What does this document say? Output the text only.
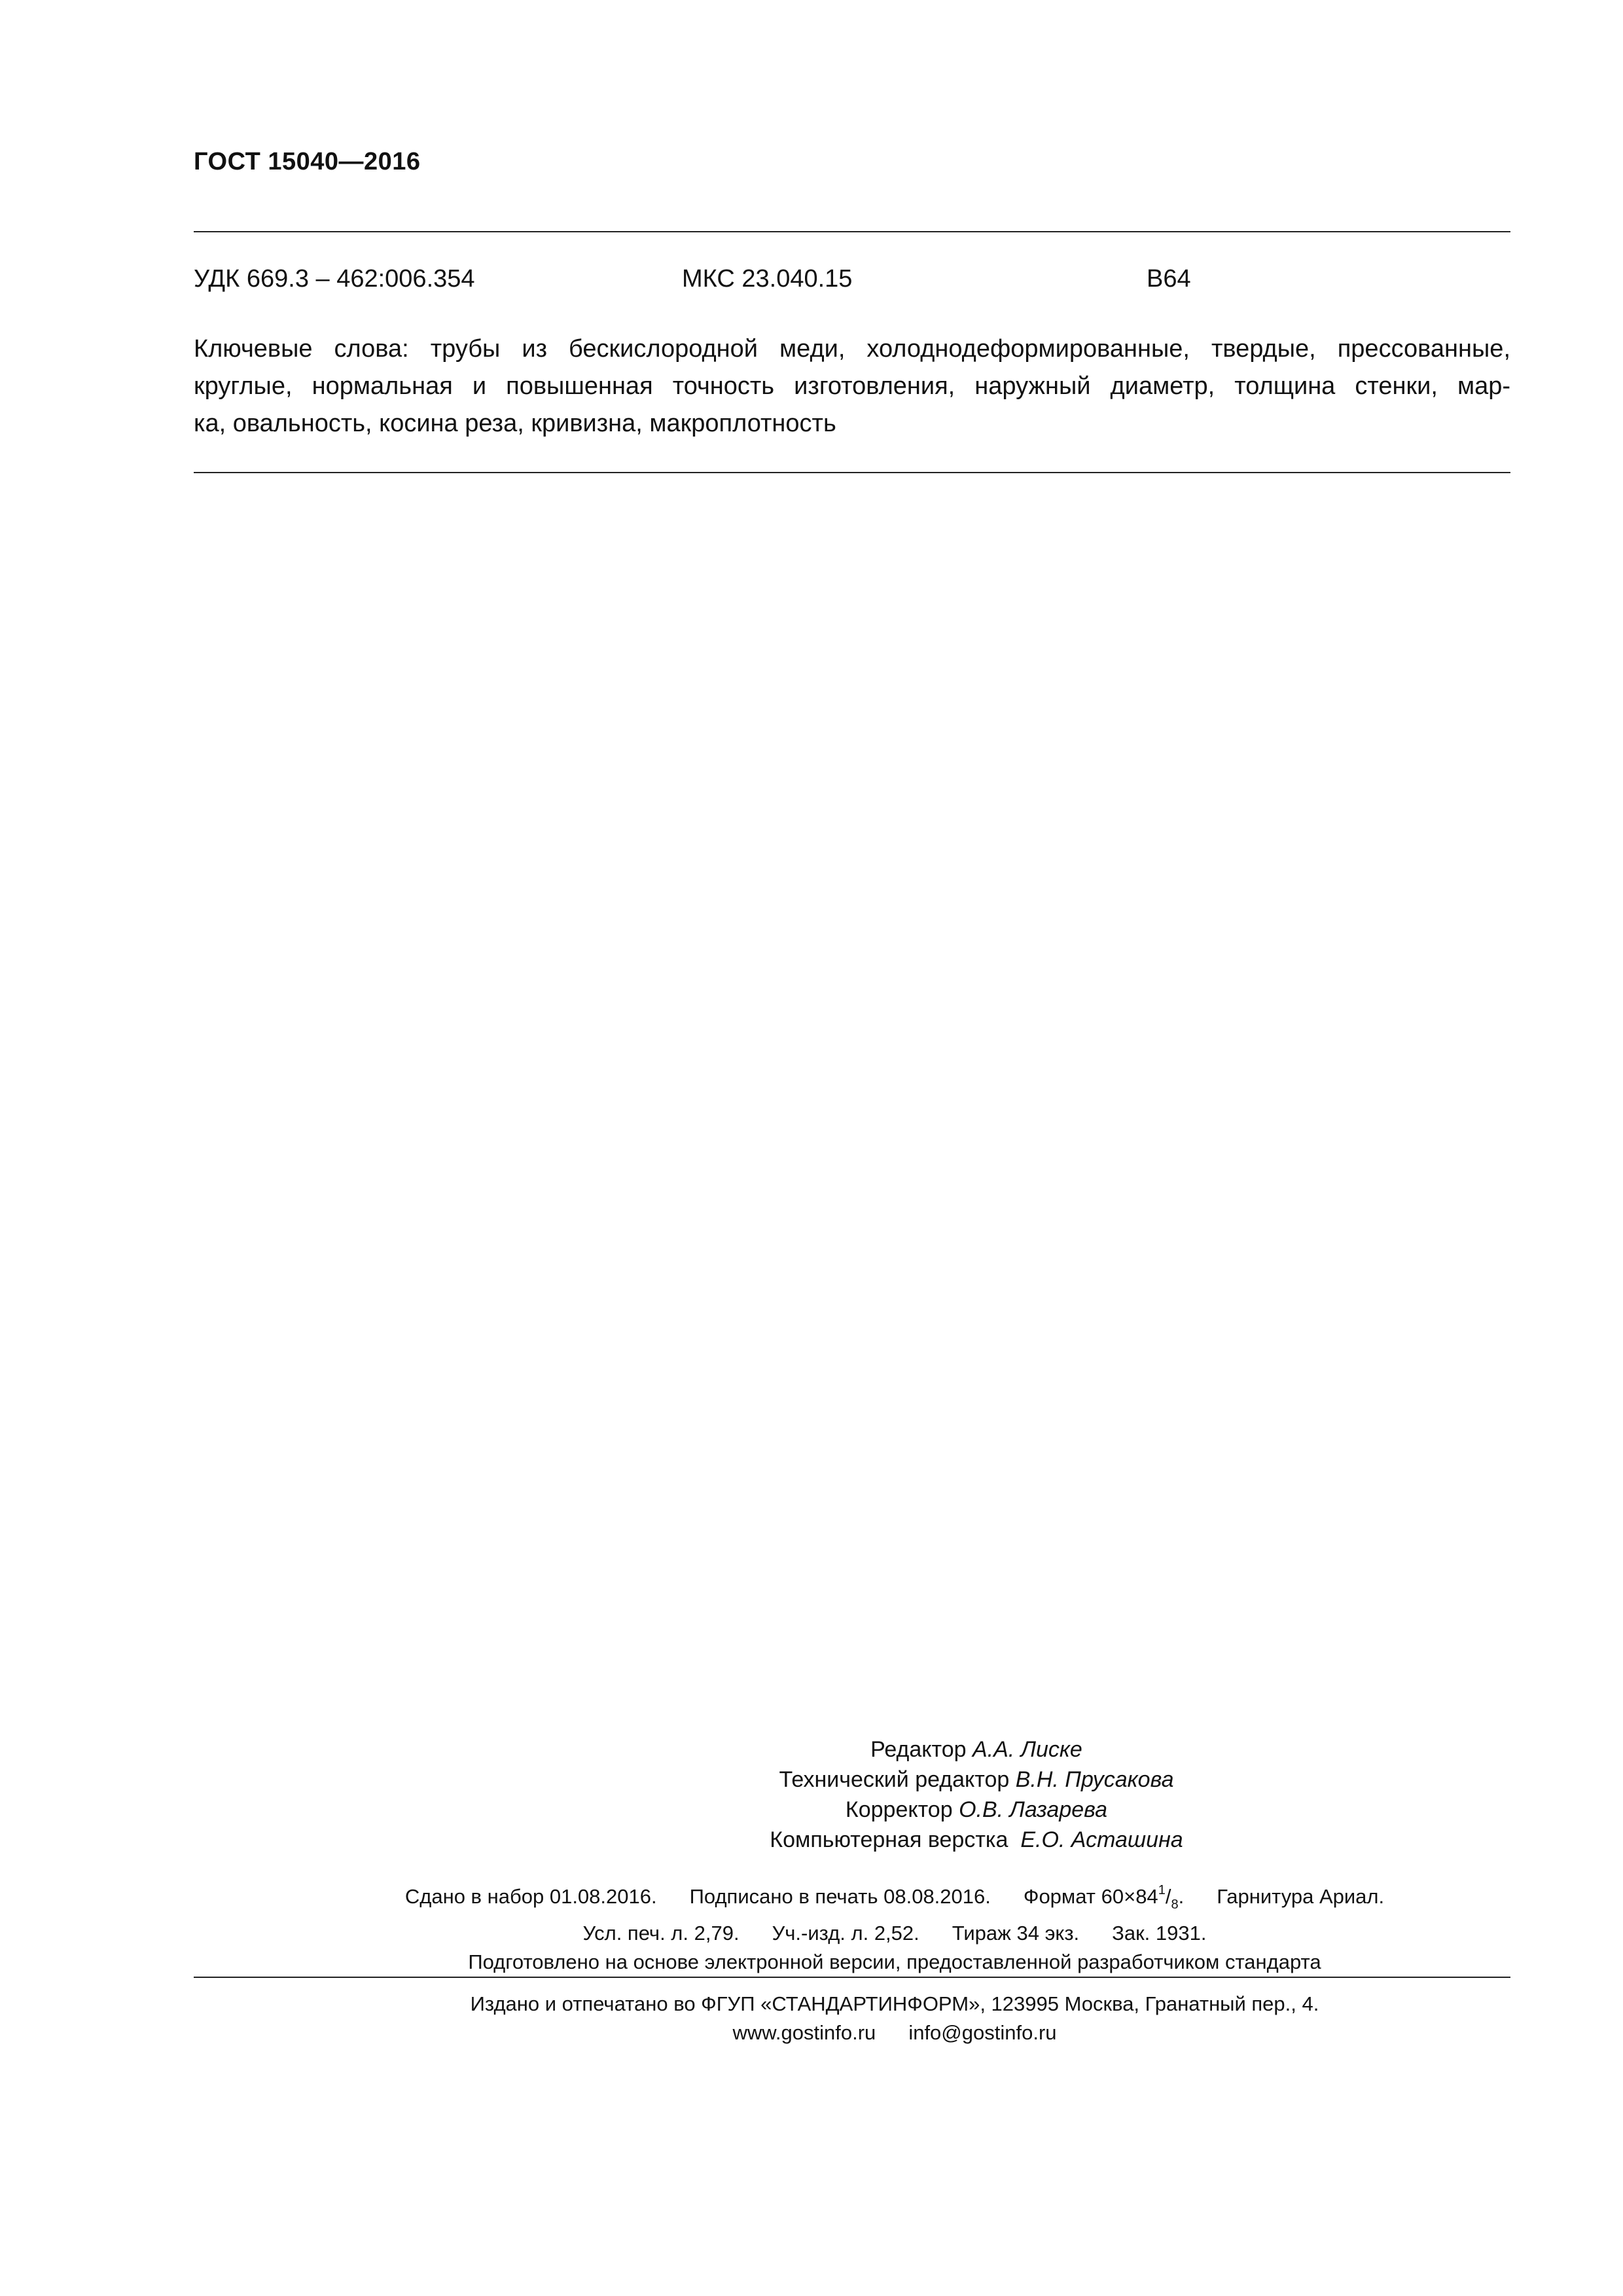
ГОСТ 15040—2016
УДК 669.3 – 462:006.354	МКС 23.040.15	В64
Ключевые слова: трубы из бескислородной меди, холоднодеформированные, твердые, прессованные,
круглые, нормальная и повышенная точность изготовления, наружный диаметр, толщина стенки, мар-
ка, овальность, косина реза, кривизна, макроплотность
Редактор А.А. Лиске
Технический редактор В.Н. Прусакова
Корректор О.В. Лазарева
Компьютерная верстка Е.О. Асташина
Сдано в набор 01.08.2016. Подписано в печать 08.08.2016. Формат $60\times 84^1/_8$. Гарнитура Ариал.
Усл. печ. л. 2,79. Уч.-изд. л. 2,52. Тираж 34 экз. Зак. 1931.
Подготовлено на основе электронной версии, предоставленной разработчиком стандарта
Издано и отпечатано во ФГУП «СТАНДАРТИНФОРМ», 123995 Москва, Гранатный пер., 4.
www.gostinfo.ru info@gostinfo.ru
